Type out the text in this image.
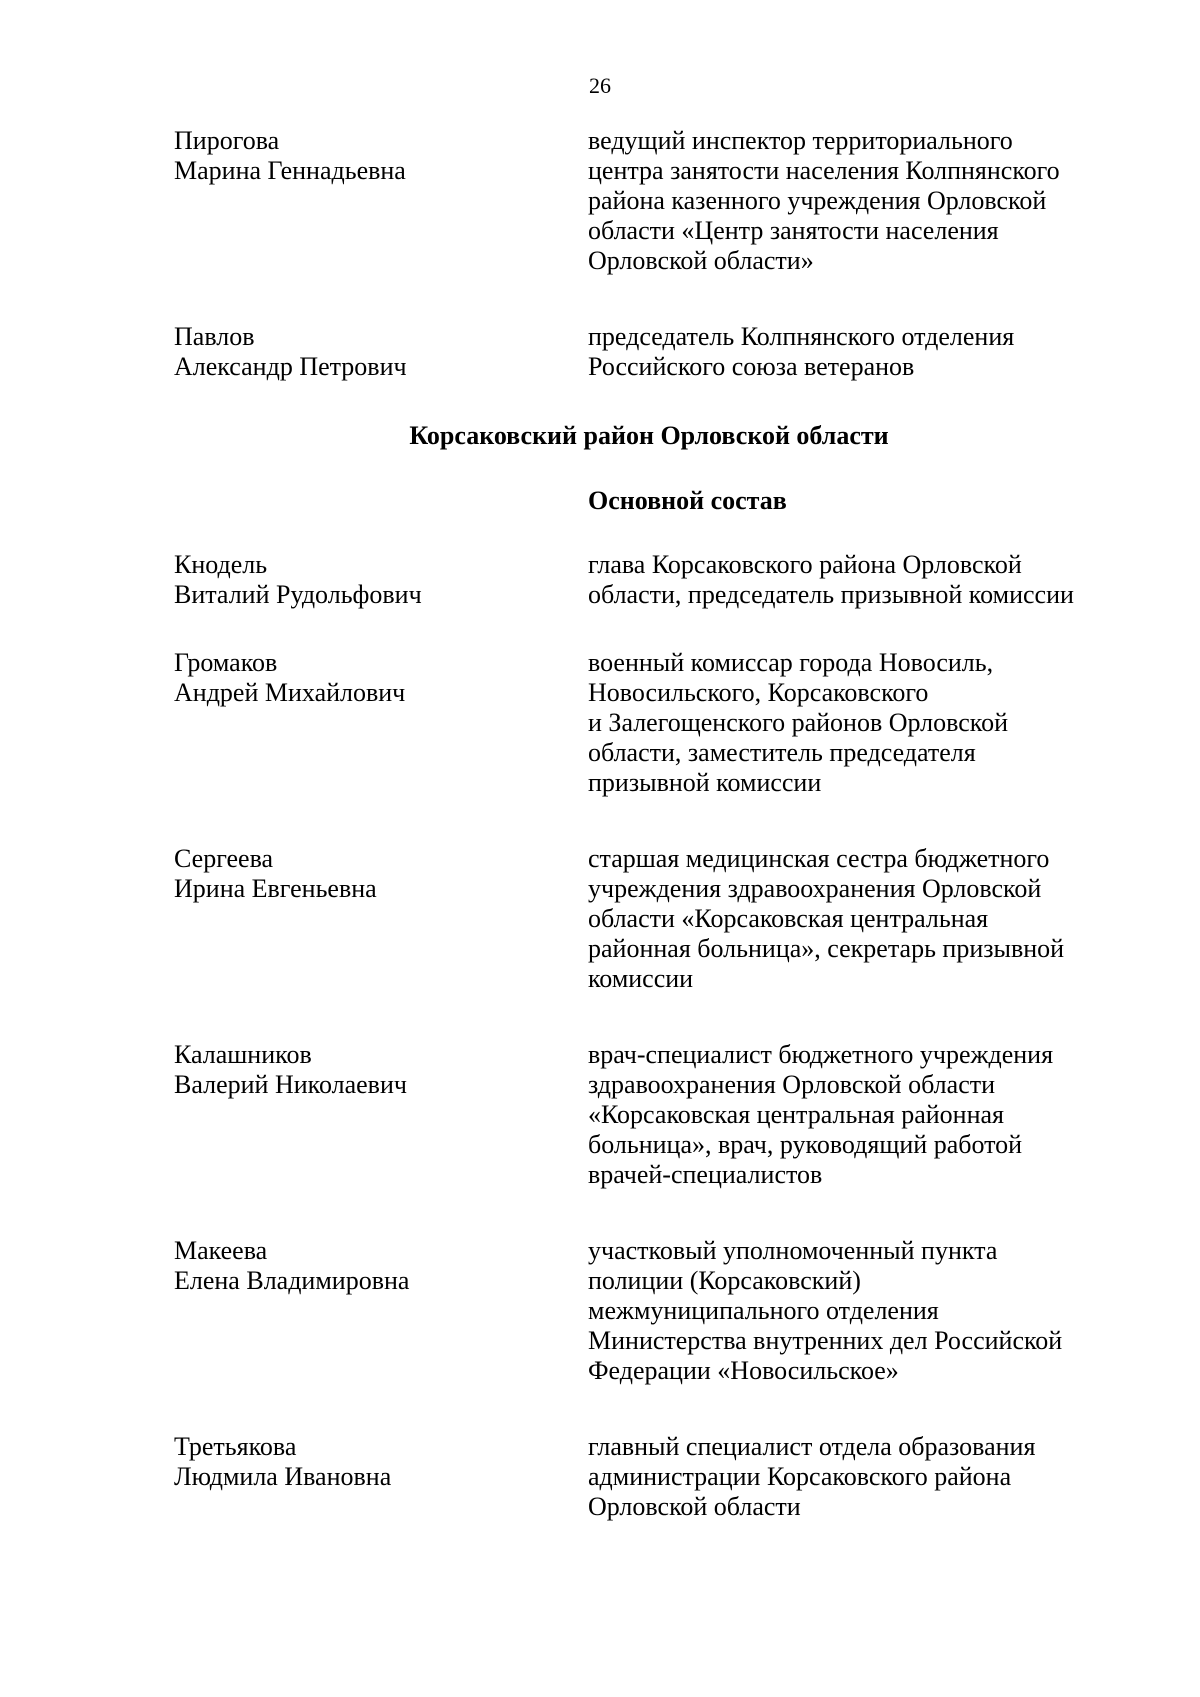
26
Пирогова
Марина Геннадьевна
ведущий инспектор территориального
центра занятости населения Колпнянского
района казенного учреждения Орловской
области «Центр занятости населения
Орловской области»
Павлов
Александр Петрович
председатель Колпнянского отделения
Российского союза ветеранов
Корсаковский район Орловской области
Основной состав
Кнодель
Виталий Рудольфович
глава Корсаковского района Орловской
области, председатель призывной комиссии
Громаков
Андрей Михайлович
военный комиссар города Новосиль,
Новосильского, Корсаковского
и Залегощенского районов Орловской
области, заместитель председателя
призывной комиссии
Сергеева
Ирина Евгеньевна
старшая медицинская сестра бюджетного
учреждения здравоохранения Орловской
области «Корсаковская центральная
районная больница», секретарь призывной
комиссии
Калашников
Валерий Николаевич
врач-специалист бюджетного учреждения
здравоохранения Орловской области
«Корсаковская центральная районная
больница», врач, руководящий работой
врачей-специалистов
Макеева
Елена Владимировна
участковый уполномоченный пункта
полиции (Корсаковский)
межмуниципального отделения
Министерства внутренних дел Российской
Федерации «Новосильское»
Третьякова
Людмила Ивановна
главный специалист отдела образования
администрации Корсаковского района
Орловской области
